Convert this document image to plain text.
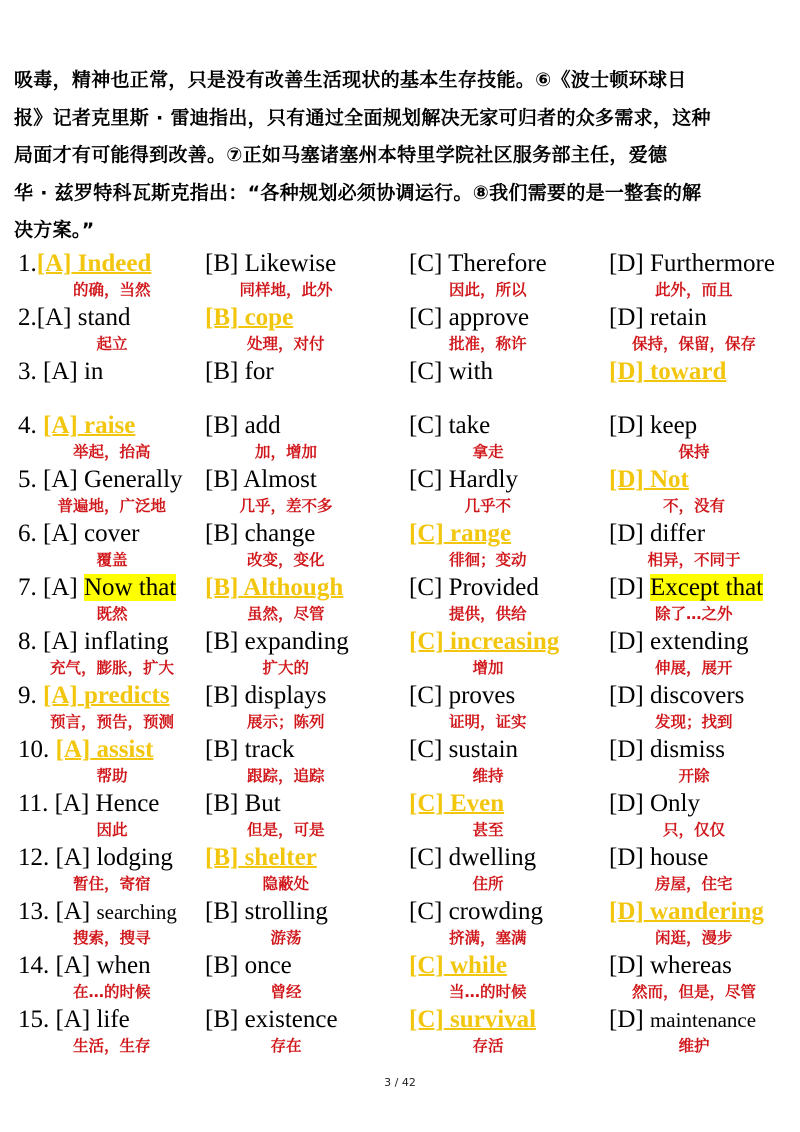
吸毒，精神也正常，只是没有改善生活现状的基本生存技能。⑥《波士顿环球日
报》记者克里斯 · 雷迪指出，只有通过全面规划解决无家可归者的众多需求，这种
局面才有可能得到改善。⑦正如马塞诸塞州本特里学院社区服务部主任，爱德
华 · 兹罗特科瓦斯克指出：“各种规划必须协调运行。⑧我们需要的是一整套的解
决方案。”
1.[A] Indeed
的确，当然
[B] Likewise
同样地，此外
[C] Therefore
因此，所以
[D] Furthermore
此外，而且
2.[A] stand
起立
[B] cope
处理，对付
[C] approve
批准，称许
[D] retain
保持，保留，保存
3. [A] in	[B] for	[C] with	[D] toward
4. [A] raise
举起，抬高
[B] add
加，增加
[C] take
拿走
[D] keep
保持
5. [A] Generally
普遍地，广泛地
[B] Almost
几乎，差不多
[C] Hardly
几乎不
[D] Not
不，没有
6. [A] cover
覆盖
[B] change
改变，变化
[C] range
徘徊；变动
[D] differ
相异，不同于
7. [A] Now that
既然
[B] Although
虽然，尽管
[C] Provided
提供，供给
[D] Except that
除了…之外
8. [A] inflating
充气，膨胀，扩大
[B] expanding
扩大的
[C] increasing
增加
[D] extending
伸展，展开
9. [A] predicts
预言，预告，预测
[B] displays
展示；陈列
[C] proves
证明，证实
[D] discovers
发现；找到
10. [A] assist
帮助
[B] track
跟踪，追踪
[C] sustain
维持
[D] dismiss
开除
11. [A] Hence
因此
[B] But
但是，可是
[C] Even
甚至
[D] Only
只，仅仅
12. [A] lodging
暂住，寄宿
[B] shelter
隐蔽处
[C] dwelling
住所
[D] house
房屋，住宅
13. [A] searching
搜索，搜寻
[B] strolling
游荡
[C] crowding
挤满，塞满
[D] wandering
闲逛，漫步
14. [A] when
在…的时候
[B] once
曾经
[C] while
当…的时候
[D] whereas
然而，但是，尽管
15. [A] life
生活，生存
[B] existence
存在
[C] survival
存活
[D] maintenance
维护
3 / 42
